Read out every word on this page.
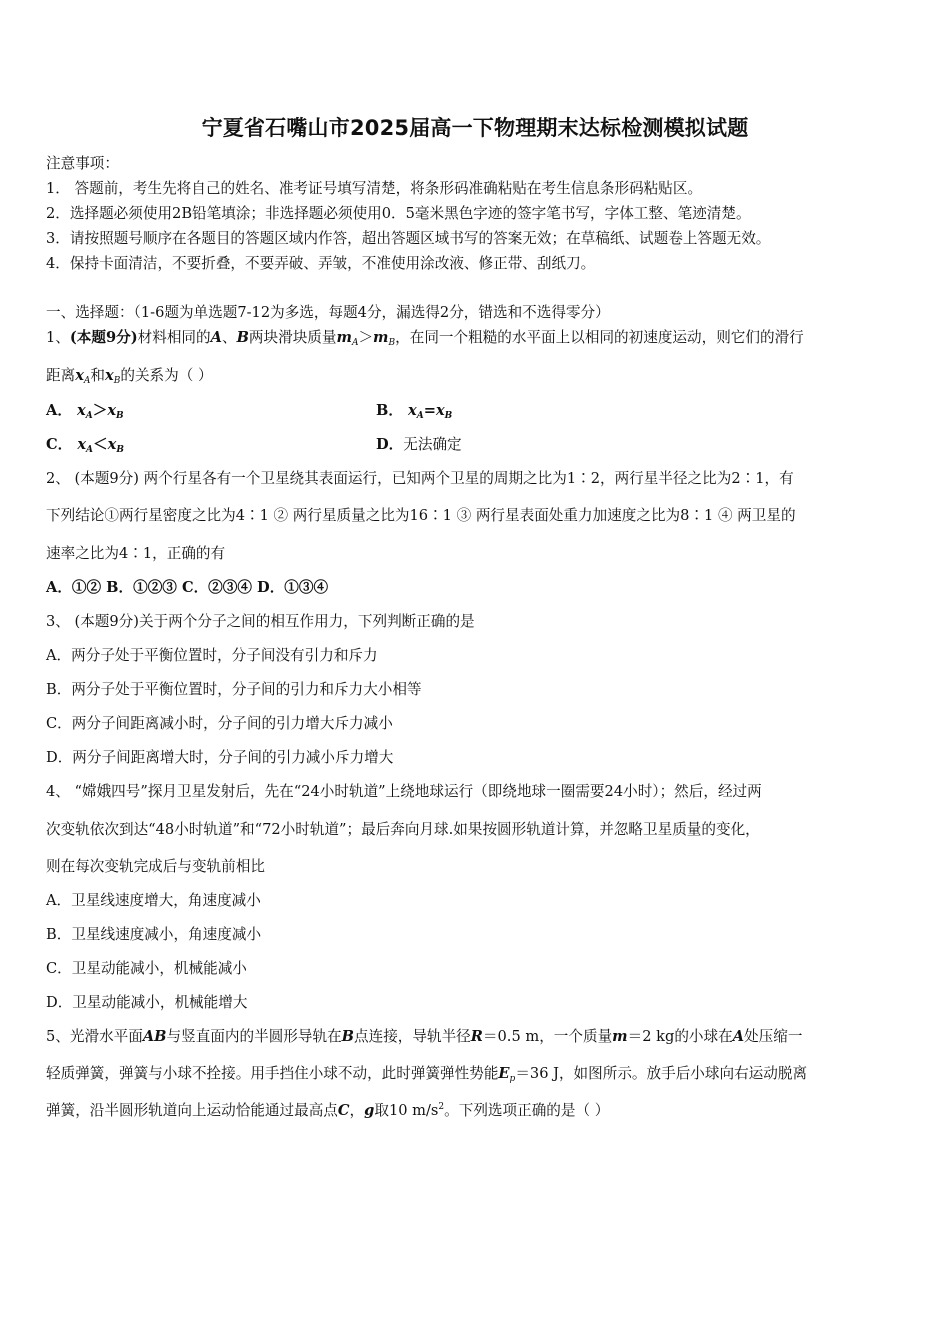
宁夏省石嘴山市2025届高一下物理期末达标检测模拟试题
注意事项：
1． 答题前，考生先将自己的姓名、准考证号填写清楚，将条形码准确粘贴在考生信息条形码粘贴区。
2．选择题必须使用2B铅笔填涂；非选择题必须使用0．5毫米黑色字迹的签字笔书写，字体工整、笔迹清楚。
3．请按照题号顺序在各题目的答题区域内作答，超出答题区域书写的答案无效；在草稿纸、试题卷上答题无效。
4．保持卡面清洁，不要折叠，不要弄破、弄皱，不准使用涂改液、修正带、刮纸刀。
一、选择题：（1-6题为单选题7-12为多选，每题4分，漏选得2分，错选和不选得零分）
1、(本题9分)材料相同的A、B两块滑块质量$m_A>m_B$，在同一个粗糙的水平面上以相同的初速度运动，则它们的滑行
距离$x_A$和$x_B$的关系为（ ）
A． $x_A>x_B$	B． $x_A=x_B$
C． $x_A<x_B$	D．无法确定
2、 (本题9分) 两个行星各有一个卫星绕其表面运行，已知两个卫星的周期之比为1∶2，两行星半径之比为2∶1，有
下列结论①两行星密度之比为4∶1 ② 两行星质量之比为16∶1 ③ 两行星表面处重力加速度之比为8∶1 ④ 两卫星的
速率之比为4∶1，正确的有
A．①② B．①②③ C．②③④ D．①③④
3、 (本题9分)关于两个分子之间的相互作用力，下列判断正确的是
A．两分子处于平衡位置时，分子间没有引力和斥力
B．两分子处于平衡位置时，分子间的引力和斥力大小相等
C．两分子间距离减小时，分子间的引力增大斥力减小
D．两分子间距离增大时，分子间的引力减小斥力增大
4、 “嫦娥四号”探月卫星发射后，先在“24小时轨道”上绕地球运行（即绕地球一圈需要24小时）；然后，经过两
次变轨依次到达“48小时轨道”和“72小时轨道”；最后奔向月球.如果按圆形轨道计算，并忽略卫星质量的变化，
则在每次变轨完成后与变轨前相比
A．卫星线速度增大，角速度减小
B．卫星线速度减小，角速度减小
C．卫星动能减小，机械能减小
D．卫星动能减小，机械能增大
5、光滑水平面AB与竖直面内的半圆形导轨在B点连接，导轨半径R＝0.5 m，一个质量m＝2 kg的小球在A处压缩一
轻质弹簧，弹簧与小球不拴接。用手挡住小球不动，此时弹簧弹性势能$E_p=36$ J，如图所示。放手后小球向右运动脱离
弹簧，沿半圆形轨道向上运动恰能通过最高点C，g取10 $m/s^2$。下列选项正确的是（ ）
